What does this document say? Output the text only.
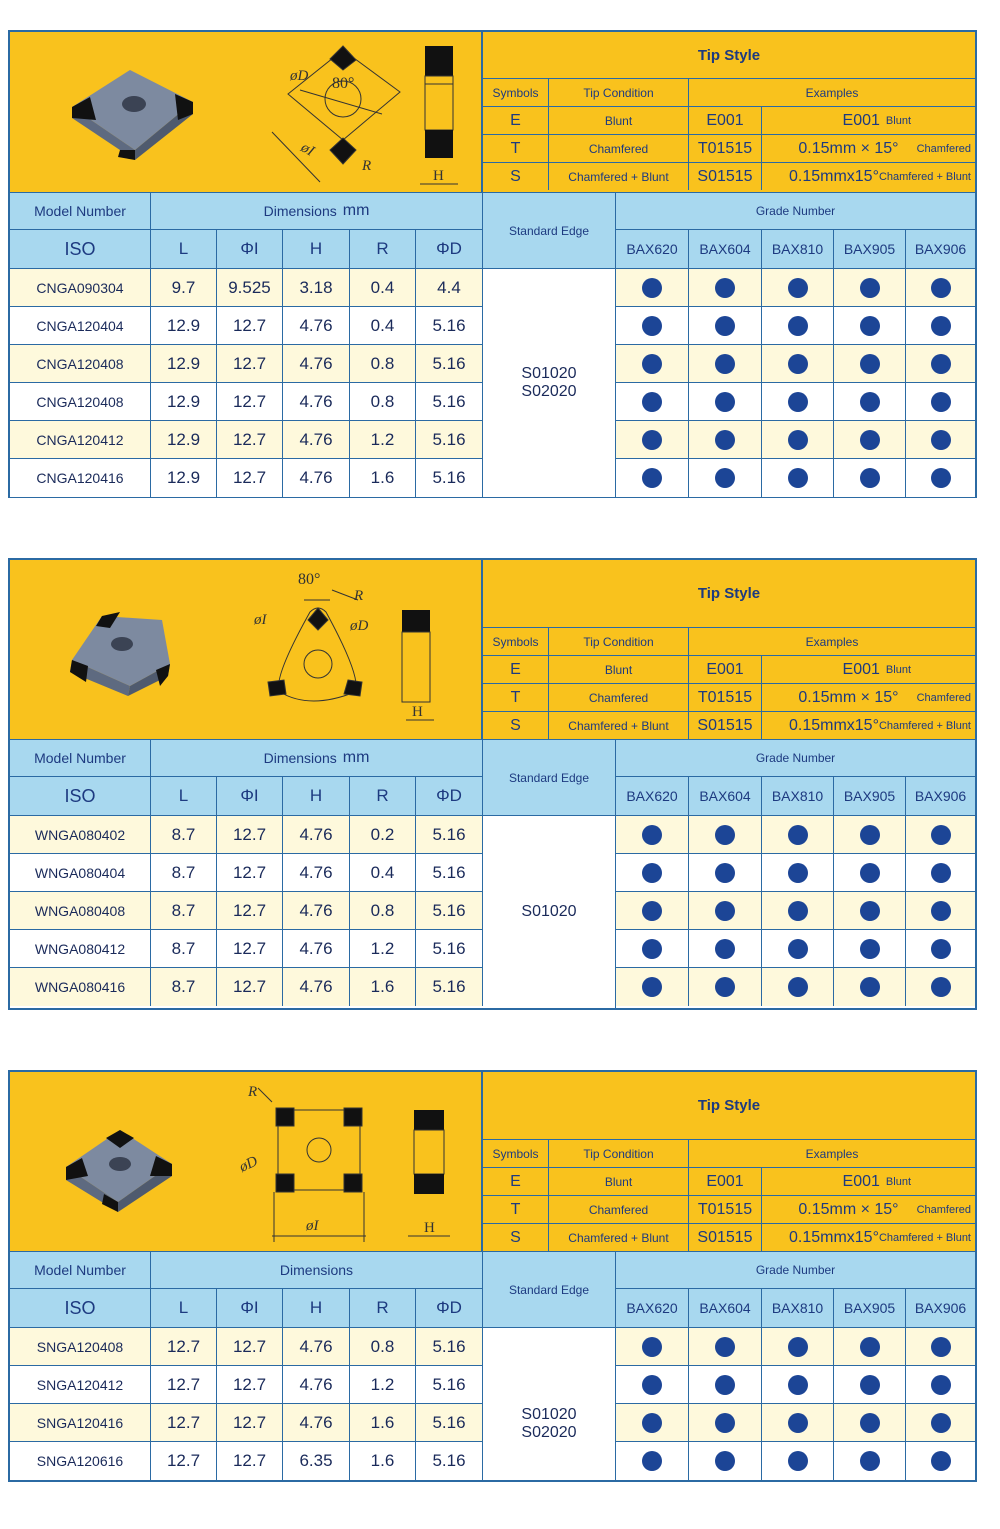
øD 80°
øI
R
H
Tip Style
Symbols	Tip Condition	Examples
E	Blunt	E001	E001 Blunt
T	Chamfered	T01515	0.15mm × 15° Chamfered
S	Chamfered + Blunt	S01515	0.15mmx15° Chamfered + Blunt
Model Number	Dimensions mm
Standard Edge
Grade Number
ISO	L	ΦI	H	R	ΦD	BAX620	BAX604	BAX810	BAX905	BAX906
CNGA090304	9.7	9.525	3.18	0.4	4.4
CNGA120404	12.9	12.7	4.76	0.4	5.16
CNGA120408	12.9	12.7	4.76	0.8	5.16
CNGA120408	12.9	12.7	4.76	0.8	5.16
CNGA120412	12.9	12.7	4.76	1.2	5.16
CNGA120416	12.9	12.7	4.76	1.6	5.16
S01020
S02020
80°
R
øI	øD
H
Tip Style
Symbols	Tip Condition	Examples
E	Blunt	E001	E001 Blunt
T	Chamfered	T01515	0.15mm × 15° Chamfered
S	Chamfered + Blunt	S01515	0.15mmx15° Chamfered + Blunt
Model Number	Dimensions mm
Standard Edge
Grade Number
ISO	L	ΦI	H	R	ΦD	BAX620	BAX604	BAX810	BAX905	BAX906
WNGA080402	8.7	12.7	4.76	0.2	5.16
WNGA080404	8.7	12.7	4.76	0.4	5.16
WNGA080408	8.7	12.7	4.76	0.8	5.16
WNGA080412	8.7	12.7	4.76	1.2	5.16
WNGA080416	8.7	12.7	4.76	1.6	5.16
S01020
R
øD
øI	H
Tip Style
Symbols	Tip Condition	Examples
E	Blunt	E001	E001 Blunt
T	Chamfered	T01515	0.15mm × 15° Chamfered
S	Chamfered + Blunt	S01515	0.15mmx15° Chamfered + Blunt
Model Number	Dimensions
Standard Edge
Grade Number
ISO	L	ΦI	H	R	ΦD	BAX620	BAX604	BAX810	BAX905	BAX906
SNGA120408	12.7	12.7	4.76	0.8	5.16
SNGA120412	12.7	12.7	4.76	1.2	5.16
SNGA120416	12.7	12.7	4.76	1.6	5.16
SNGA120616	12.7	12.7	6.35	1.6	5.16
S01020
S02020
